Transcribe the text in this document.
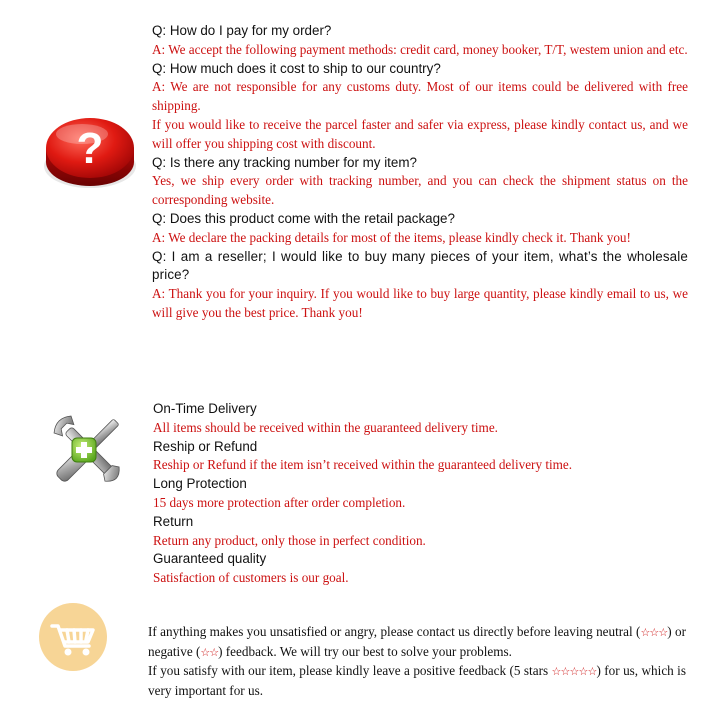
?
Q: How do I pay for my order?
A: We accept the following payment methods: credit card, money booker, T/T, westem union and etc.
Q: How much does it cost to ship to our country?
A: We are not responsible for any customs duty. Most of our items could be delivered with free shipping.
If you would like to receive the parcel faster and safer via express, please kindly contact us, and we will offer you shipping cost with discount.
Q: Is there any tracking number for my item?
Yes, we ship every order with tracking number, and you can check the shipment status on the corresponding website.
Q: Does this product come with the retail package?
A: We declare the packing details for most of the items, please kindly check it. Thank you!
Q: I am a reseller; I would like to buy many pieces of your item, what’s the wholesale price?
A: Thank you for your inquiry. If you would like to buy large quantity, please kindly email to us, we will give you the best price. Thank you!
On-Time Delivery
All items should be received within the guaranteed delivery time.
Reship or Refund
Reship or Refund if the item isn’t received within the guaranteed delivery time.
Long Protection
15 days more protection after order completion.
Return
Return any product, only those in perfect condition.
Guaranteed quality
Satisfaction of customers is our goal.
If anything makes you unsatisfied or angry, please contact us directly before leaving neutral (☆☆☆) or negative (☆☆) feedback. We will try our best to solve your problems.
If you satisfy with our item, please kindly leave a positive feedback (5 stars ☆☆☆☆☆) for us, which is very important for us.
